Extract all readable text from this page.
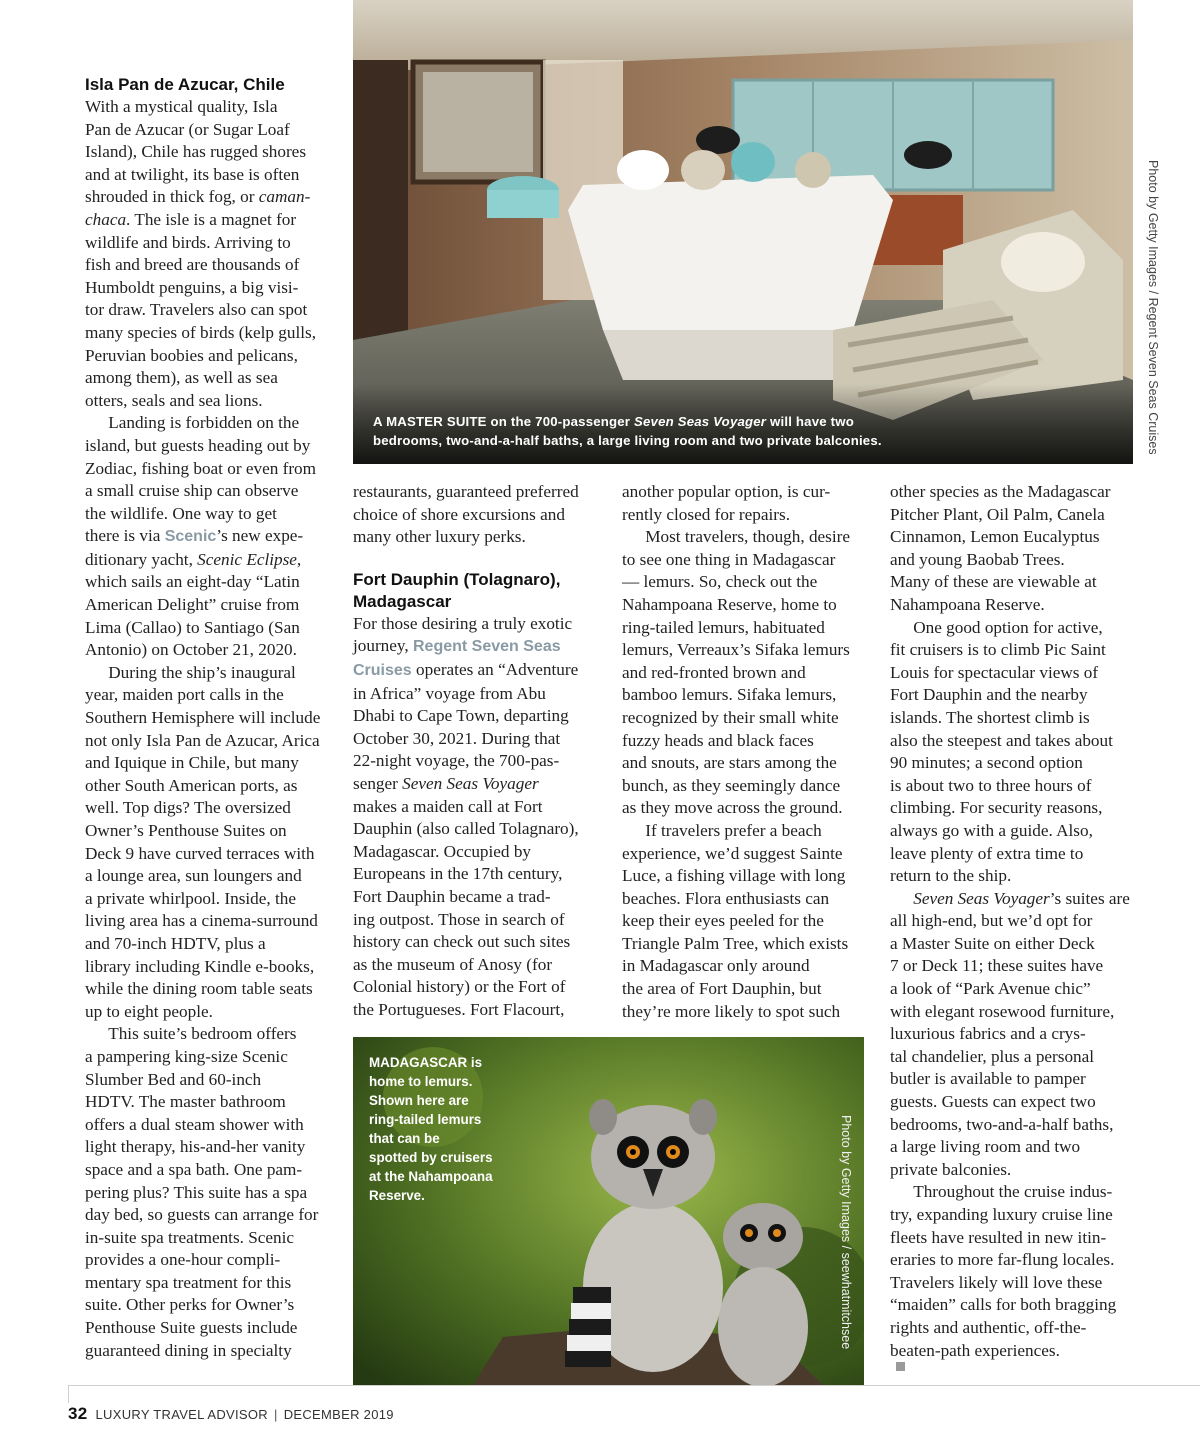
Isla Pan de Azucar, Chile

With a mystical quality, Isla
Pan de Azucar (or Sugar Loaf
Island), Chile has rugged shores
and at twilight, its base is often
shrouded in thick fog, or caman-
chaca. The isle is a magnet for
wildlife and birds. Arriving to
fish and breed are thousands of
Humboldt penguins, a big visi-
tor draw. Travelers also can spot
many species of birds (kelp gulls,
Peruvian boobies and pelicans,
among them), as well as sea
otters, seals and sea lions.

Landing is forbidden on the
island, but guests heading out by
Zodiac, fishing boat or even from
a small cruise ship can observe
the wildlife. One way to get
there is via Scenic’s new expe-
ditionary yacht, Scenic Eclipse,
which sails an eight-day “Latin
American Delight” cruise from
Lima (Callao) to Santiago (San
Antonio) on October 21, 2020.

During the ship’s inaugural
year, maiden port calls in the
Southern Hemisphere will include
not only Isla Pan de Azucar, Arica
and Iquique in Chile, but many
other South American ports, as
well. Top digs? The oversized
Owner’s Penthouse Suites on
Deck 9 have curved terraces with
a lounge area, sun loungers and
a private whirlpool. Inside, the
living area has a cinema-surround
and 70-inch HDTV, plus a
library including Kindle e-books,
while the dining room table seats
up to eight people.

This suite’s bedroom offers
a pampering king-size Scenic
Slumber Bed and 60-inch
HDTV. The master bathroom
offers a dual steam shower with
light therapy, his-and-her vanity
space and a spa bath. One pam-
pering plus? This suite has a spa
day bed, so guests can arrange for
in-suite spa treatments. Scenic
provides a one-hour compli-
mentary spa treatment for this
suite. Other perks for Owner’s
Penthouse Suite guests include
guaranteed dining in specialty

A MASTER SUITE on the 700-passenger Seven Seas Voyager will have two
bedrooms, two-and-a-half baths, a large living room and two private balconies.	Photo by Getty Images / Regent Seven Seas Cruises

restaurants, guaranteed preferred
choice of shore excursions and
many other luxury perks.

Fort Dauphin (Tolagnaro),
Madagascar

For those desiring a truly exotic
journey, Regent Seven Seas
Cruises operates an “Adventure
in Africa” voyage from Abu
Dhabi to Cape Town, departing
October 30, 2021. During that
22-night voyage, the 700-pas-
senger Seven Seas Voyager
makes a maiden call at Fort
Dauphin (also called Tolagnaro),
Madagascar. Occupied by
Europeans in the 17th century,
Fort Dauphin became a trad-
ing outpost. Those in search of
history can check out such sites
as the museum of Anosy (for
Colonial history) or the Fort of
the Portugueses. Fort Flacourt,

another popular option, is cur-
rently closed for repairs.

Most travelers, though, desire
to see one thing in Madagascar
— lemurs. So, check out the
Nahampoana Reserve, home to
ring-tailed lemurs, habituated
lemurs, Verreaux’s Sifaka lemurs
and red-fronted brown and
bamboo lemurs. Sifaka lemurs,
recognized by their small white
fuzzy heads and black faces
and snouts, are stars among the
bunch, as they seemingly dance
as they move across the ground.

If travelers prefer a beach
experience, we’d suggest Sainte
Luce, a fishing village with long
beaches. Flora enthusiasts can
keep their eyes peeled for the
Triangle Palm Tree, which exists
in Madagascar only around
the area of Fort Dauphin, but
they’re more likely to spot such

MADAGASCAR is
home to lemurs.
Shown here are
ring-tailed lemurs
that can be
spotted by cruisers
at the Nahampoana
Reserve.	Photo by Getty Images / seewhatmitchsee

other species as the Madagascar
Pitcher Plant, Oil Palm, Canela
Cinnamon, Lemon Eucalyptus
and young Baobab Trees.
Many of these are viewable at
Nahampoana Reserve.

One good option for active,
fit cruisers is to climb Pic Saint
Louis for spectacular views of
Fort Dauphin and the nearby
islands. The shortest climb is
also the steepest and takes about
90 minutes; a second option
is about two to three hours of
climbing. For security reasons,
always go with a guide. Also,
leave plenty of extra time to
return to the ship.

Seven Seas Voyager’s suites are
all high-end, but we’d opt for
a Master Suite on either Deck
7 or Deck 11; these suites have
a look of “Park Avenue chic”
with elegant rosewood furniture,
luxurious fabrics and a crys-
tal chandelier, plus a personal
butler is available to pamper
guests. Guests can expect two
bedrooms, two-and-a-half baths,
a large living room and two
private balconies.

Throughout the cruise indus-
try, expanding luxury cruise line
fleets have resulted in new itin-
eraries to more far-flung locales.
Travelers likely will love these
“maiden” calls for both bragging
rights and authentic, off-the-
beaten-path experiences.

32 LUXURY TRAVEL ADVISOR | DECEMBER 2019
